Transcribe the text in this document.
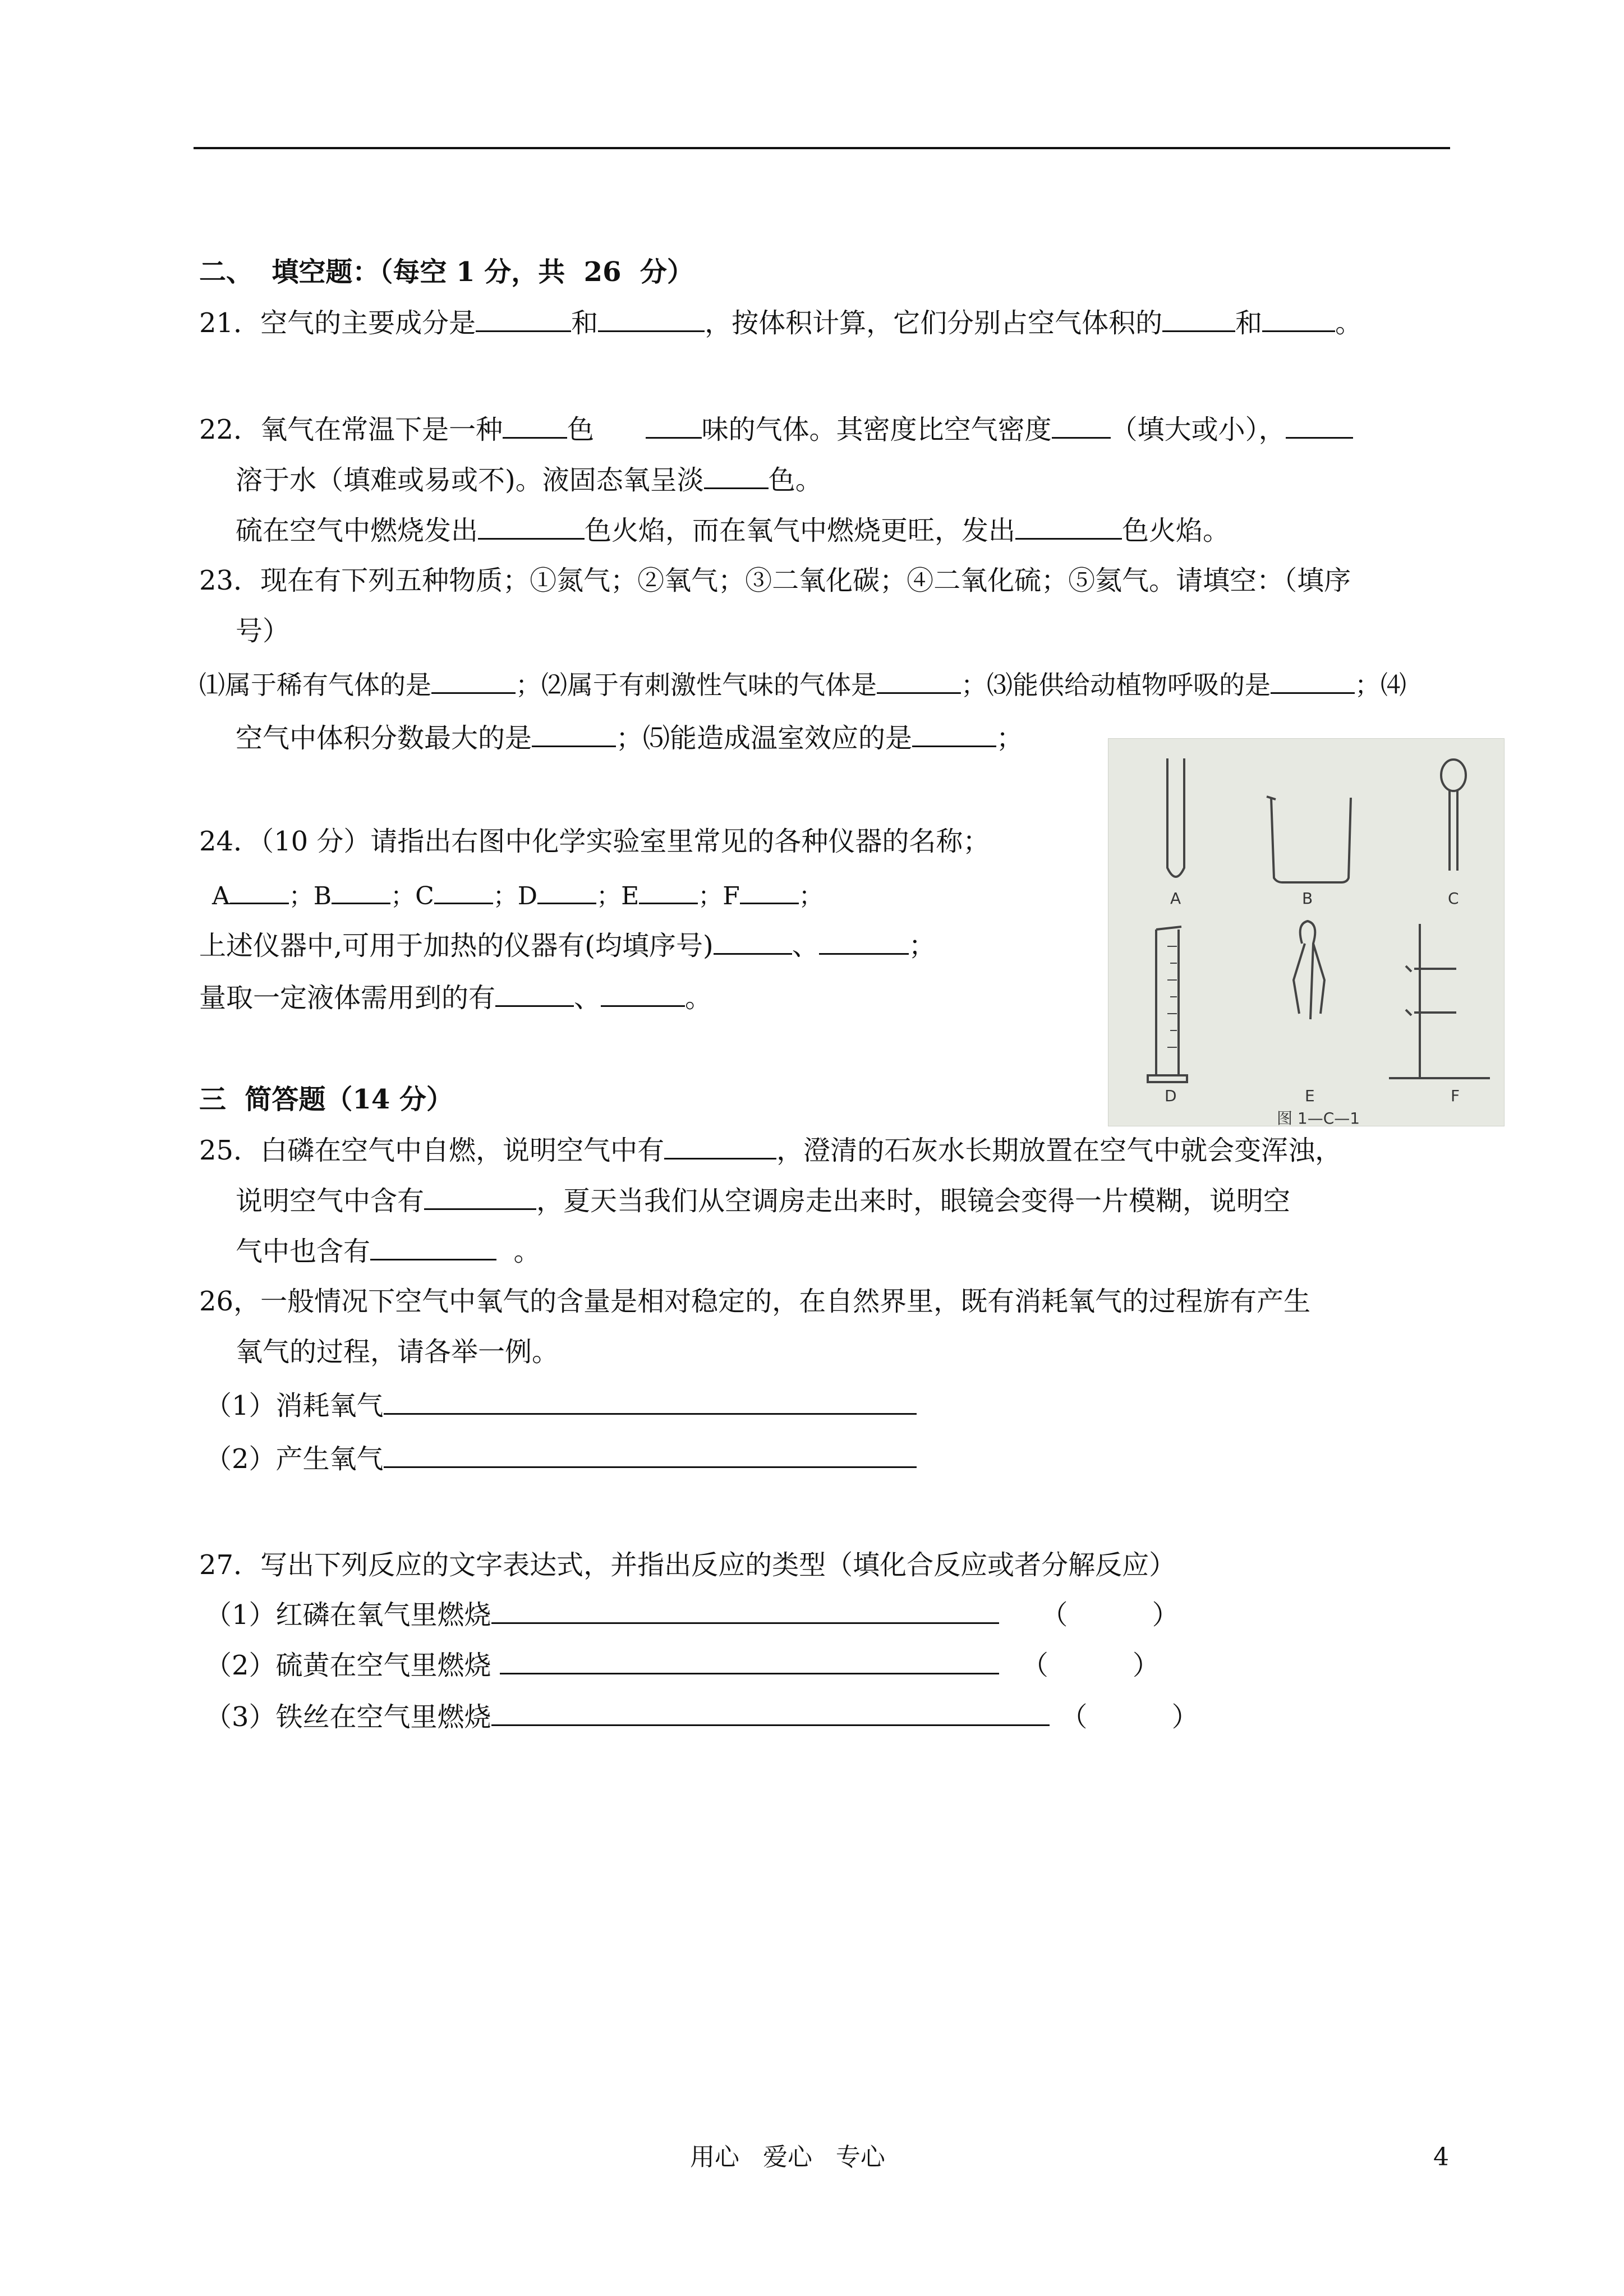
二、  填空题：（每空 1 分，共  26  分）
21．空气的主要成分是	和	，按体积计算，它们分别占空气体积的	和	。
22．氧气在常温下是一种 色      味的气体。其密度比空气密度 （填大或小），
溶于水（填难或易或不)。液固态氧呈淡 色。
硫在空气中燃烧发出	色火焰，而在氧气中燃烧更旺，发出	色火焰。
23．现在有下列五种物质；①氮气；②氧气；③二氧化碳；④二氧化硫；⑤氦气。请填空：（填序
号）
⑴属于稀有气体的是	；⑵属于有刺激性气味的气体是	；⑶能供给动植物呼吸的是	；⑷
空气中体积分数最大的是	；⑸能造成温室效应的是	；
A	B	C
D	E	F
图 1—C—1
24．（10 分）请指出右图中化学实验室里常见的各种仪器的名称；
A ；B ；C ；D ；E ；F ；
上述仪器中,可用于加热的仪器有(均填序号)	、	；
量取一定液体需用到的有	、	。
三  简答题（14 分）
25．白磷在空气中自燃，说明空气中有	，澄清的石灰水长期放置在空气中就会变浑浊，
说明空气中含有	，夏天当我们从空调房走出来时，眼镜会变得一片模糊，说明空
气中也含有	。
26，一般情况下空气中氧气的含量是相对稳定的，在自然界里，既有消耗氧气的过程旂有产生
氧气的过程，请各举一例。
（1）消耗氧气
（2）产生氧气
27．写出下列反应的文字表达式，并指出反应的类型（填化合反应或者分解反应）
（1）红磷在氧气里燃烧	（	）
（2）硫黄在空气里燃烧	（	）
（3）铁丝在空气里燃烧	（	）
用心   爱心   专心	4
